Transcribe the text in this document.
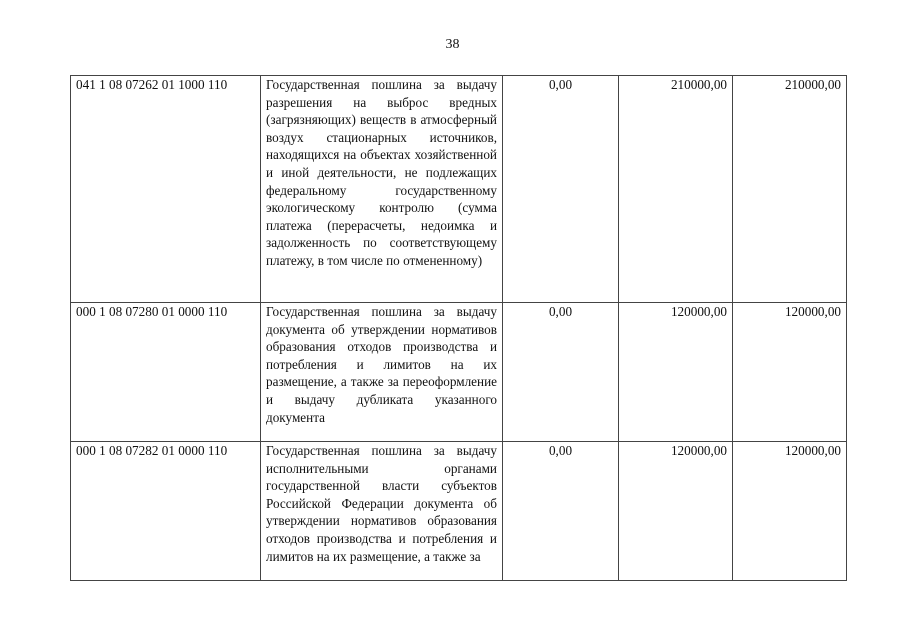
38
041 1 08 07262 01 1000 110	Государственная пошлина за выдачу разрешения на выброс вредных (загрязняющих) веществ в атмосферный воздух стационарных источников, находящихся на объектах хозяйственной и иной деятельности, не подлежащих федеральному государственному экологическому контролю (сумма платежа (перерасчеты, недоимка и задолженность по соответствующему платежу, в том числе по отмененному)	0,00	210000,00	210000,00
000 1 08 07280 01 0000 110	Государственная пошлина за выдачу документа об утверждении нормативов образования отходов производства и потребления и лимитов на их размещение, а также за переоформление и выдачу дубликата указанного документа	0,00	120000,00	120000,00
000 1 08 07282 01 0000 110	Государственная пошлина за выдачу исполнительными органами государственной власти субъектов Российской Федерации документа об утверждении нормативов образования отходов производства и потребления и лимитов на их размещение, а также за	0,00	120000,00	120000,00
